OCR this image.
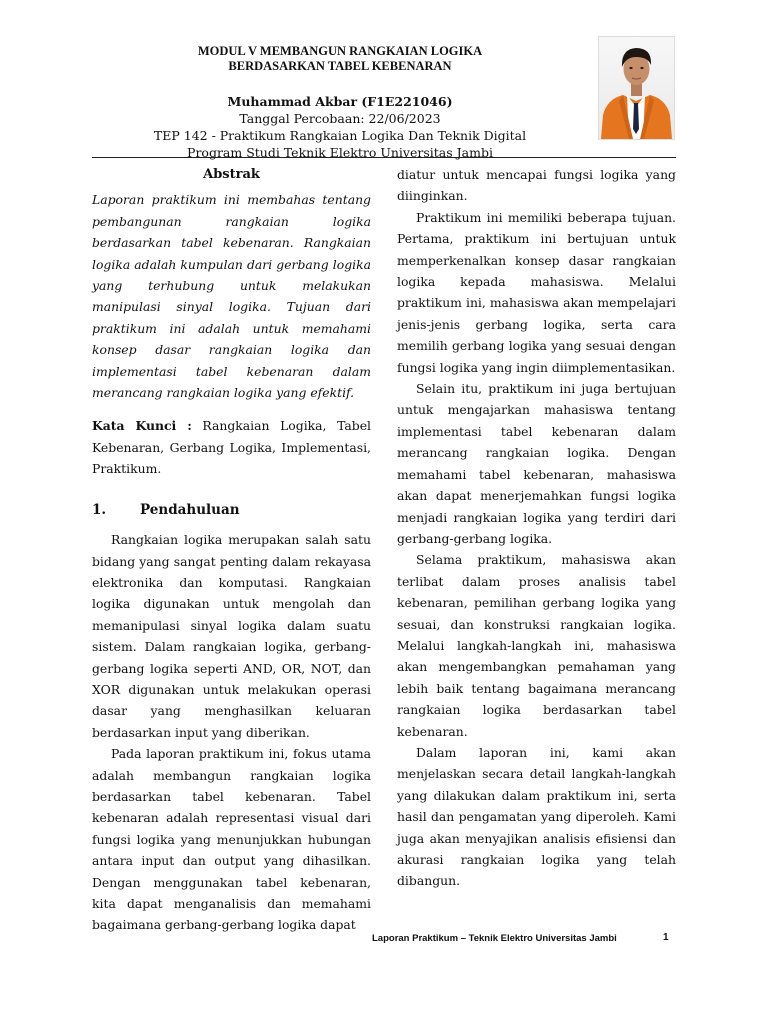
MODUL V MEMBANGUN RANGKAIAN LOGIKA
BERDASARKAN TABEL KEBENARAN
Muhammad Akbar (F1E221046)
Tanggal Percobaan: 22/06/2023
TEP 142 - Praktikum Rangkaian Logika Dan Teknik Digital
Program Studi Teknik Elektro Universitas Jambi
Abstrak

Laporan praktikum ini membahas tentang pembangunan rangkaian logika berdasarkan tabel kebenaran. Rangkaian logika adalah kumpulan dari gerbang logika yang terhubung untuk melakukan manipulasi sinyal logika. Tujuan dari praktikum ini adalah untuk memahami konsep dasar rangkaian logika dan implementasi tabel kebenaran dalam merancang rangkaian logika yang efektif.

Kata Kunci : Rangkaian Logika, Tabel Kebenaran, Gerbang Logika, Implementasi, Praktikum.

1.	Pendahuluan

Rangkaian logika merupakan salah satu bidang yang sangat penting dalam rekayasa elektronika dan komputasi. Rangkaian logika digunakan untuk mengolah dan memanipulasi sinyal logika dalam suatu sistem. Dalam rangkaian logika, gerbang-gerbang logika seperti AND, OR, NOT, dan XOR digunakan untuk melakukan operasi dasar yang menghasilkan keluaran berdasarkan input yang diberikan.

Pada laporan praktikum ini, fokus utama adalah membangun rangkaian logika berdasarkan tabel kebenaran. Tabel kebenaran adalah representasi visual dari fungsi logika yang menunjukkan hubungan antara input dan output yang dihasilkan. Dengan menggunakan tabel kebenaran, kita dapat menganalisis dan memahami bagaimana gerbang-gerbang logika dapat

diatur untuk mencapai fungsi logika yang diinginkan.

Praktikum ini memiliki beberapa tujuan. Pertama, praktikum ini bertujuan untuk memperkenalkan konsep dasar rangkaian logika kepada mahasiswa. Melalui praktikum ini, mahasiswa akan mempelajari jenis-jenis gerbang logika, serta cara memilih gerbang logika yang sesuai dengan fungsi logika yang ingin diimplementasikan.

Selain itu, praktikum ini juga bertujuan untuk mengajarkan mahasiswa tentang implementasi tabel kebenaran dalam merancang rangkaian logika. Dengan memahami tabel kebenaran, mahasiswa akan dapat menerjemahkan fungsi logika menjadi rangkaian logika yang terdiri dari gerbang-gerbang logika.

Selama praktikum, mahasiswa akan terlibat dalam proses analisis tabel kebenaran, pemilihan gerbang logika yang sesuai, dan konstruksi rangkaian logika. Melalui langkah-langkah ini, mahasiswa akan mengembangkan pemahaman yang lebih baik tentang bagaimana merancang rangkaian logika berdasarkan tabel kebenaran.

Dalam laporan ini, kami akan menjelaskan secara detail langkah-langkah yang dilakukan dalam praktikum ini, serta hasil dan pengamatan yang diperoleh. Kami juga akan menyajikan analisis efisiensi dan akurasi rangkaian logika yang telah dibangun.

Laporan Praktikum – Teknik Elektro Universitas Jambi	1
